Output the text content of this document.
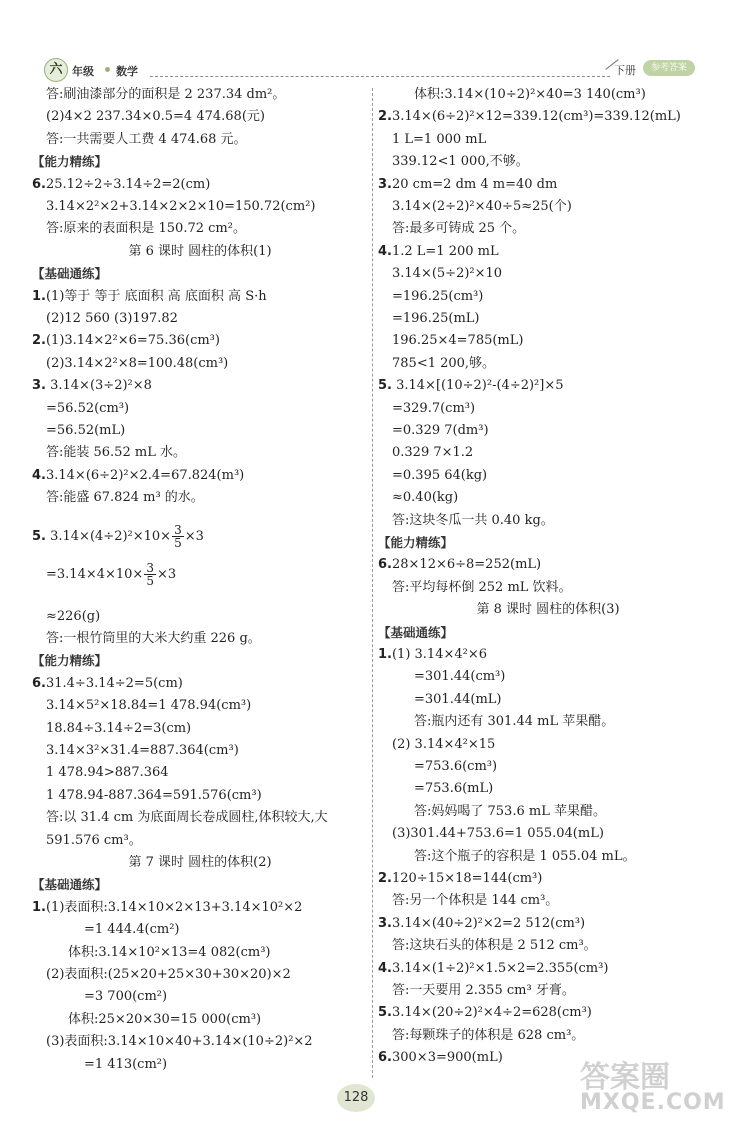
六 年级 数学	下册	参考答案
答:刷油漆部分的面积是 2 237.34 dm²。
(2)4×2 237.34×0.5=4 474.68(元)
答:一共需要人工费 4 474.68 元。
【能力精练】
6.25.12÷2÷3.14÷2=2(cm)
3.14×2²×2+3.14×2×2×10=150.72(cm²)
答:原来的表面积是 150.72 cm²。
第 6 课时 圆柱的体积(1)
【基础通练】
1.(1)等于 等于 底面积 高 底面积 高 S·h
(2)12 560 (3)197.82
2.(1)3.14×2²×6=75.36(cm³)
(2)3.14×2²×8=100.48(cm³)
3. 3.14×(3÷2)²×8
=56.52(cm³)
=56.52(mL)
答:能装 56.52 mL 水。
4.3.14×(6÷2)²×2.4=67.824(m³)
答:能盛 67.824 m³ 的水。
5. $3.14\times(4\div 2)^2\times 10\times \frac{3}{5} \times 3$
$=3.14\times 4\times 10\times \frac{3}{5} \times 3$
≈226(g)
答:一根竹筒里的大米大约重 226 g。
【能力精练】
6.31.4÷3.14÷2=5(cm)
3.14×5²×18.84=1 478.94(cm³)
18.84÷3.14÷2=3(cm)
3.14×3²×31.4=887.364(cm³)
1 478.94>887.364
1 478.94-887.364=591.576(cm³)
答:以 31.4 cm 为底面周长卷成圆柱,体积较大,大
591.576 cm³。
第 7 课时 圆柱的体积(2)
【基础通练】
1.(1)表面积:3.14×10×2×13+3.14×10²×2
=1 444.4(cm²)
体积:3.14×10²×13=4 082(cm³)
(2)表面积:(25×20+25×30+30×20)×2
=3 700(cm²)
体积:25×20×30=15 000(cm³)
(3)表面积:3.14×10×40+3.14×(10÷2)²×2
=1 413(cm²)
体积:3.14×(10÷2)²×40=3 140(cm³)
2.3.14×(6÷2)²×12=339.12(cm³)=339.12(mL)
1 L=1 000 mL
339.12<1 000,不够。
3.20 cm=2 dm 4 m=40 dm
3.14×(2÷2)²×40÷5≈25(个)
答:最多可铸成 25 个。
4.1.2 L=1 200 mL
3.14×(5÷2)²×10
=196.25(cm³)
=196.25(mL)
196.25×4=785(mL)
785<1 200,够。
5. 3.14×[(10÷2)²-(4÷2)²]×5
=329.7(cm³)
=0.329 7(dm³)
0.329 7×1.2
=0.395 64(kg)
≈0.40(kg)
答:这块冬瓜一共 0.40 kg。
【能力精练】
6.28×12×6÷8=252(mL)
答:平均每杯倒 252 mL 饮料。
第 8 课时 圆柱的体积(3)
【基础通练】
1.(1) 3.14×4²×6
=301.44(cm³)
=301.44(mL)
答:瓶内还有 301.44 mL 苹果醋。
(2) 3.14×4²×15
=753.6(cm³)
=753.6(mL)
答:妈妈喝了 753.6 mL 苹果醋。
(3)301.44+753.6=1 055.04(mL)
答:这个瓶子的容积是 1 055.04 mL。
2.120÷15×18=144(cm³)
答:另一个体积是 144 cm³。
3.3.14×(40÷2)²×2=2 512(cm³)
答:这块石头的体积是 2 512 cm³。
4.3.14×(1÷2)²×1.5×2=2.355(cm³)
答:一天要用 2.355 cm³ 牙膏。
5.3.14×(20÷2)²×4÷2=628(cm³)
答:每颗珠子的体积是 628 cm³。
6.300×3=900(mL)
128
答案圈
MXQE.COM
